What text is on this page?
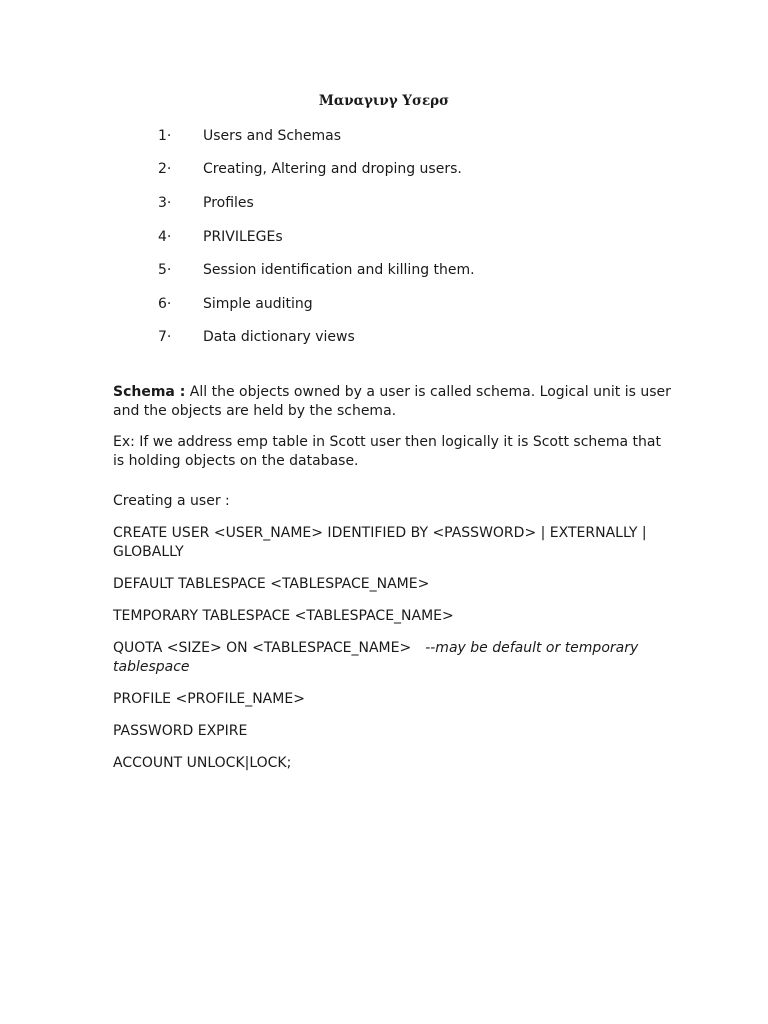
Μαναγινγ Υσερσ
1· Users and Schemas
2· Creating, Altering and droping users.
3· Profiles
4· PRIVILEGEs
5· Session identification and killing them.
6· Simple auditing
7· Data dictionary views

Schema : All the objects owned by a user is called schema. Logical unit is user and the objects are held by the schema.

Ex: If we address emp table in Scott user then logically it is Scott schema that is holding objects on the database.

Creating a user :

CREATE USER <USER_NAME> IDENTIFIED BY <PASSWORD> | EXTERNALLY | GLOBALLY

DEFAULT TABLESPACE <TABLESPACE_NAME>

TEMPORARY TABLESPACE <TABLESPACE_NAME>

QUOTA <SIZE> ON <TABLESPACE_NAME> --may be default or temporary tablespace

PROFILE <PROFILE_NAME>

PASSWORD EXPIRE

ACCOUNT UNLOCK|LOCK;
